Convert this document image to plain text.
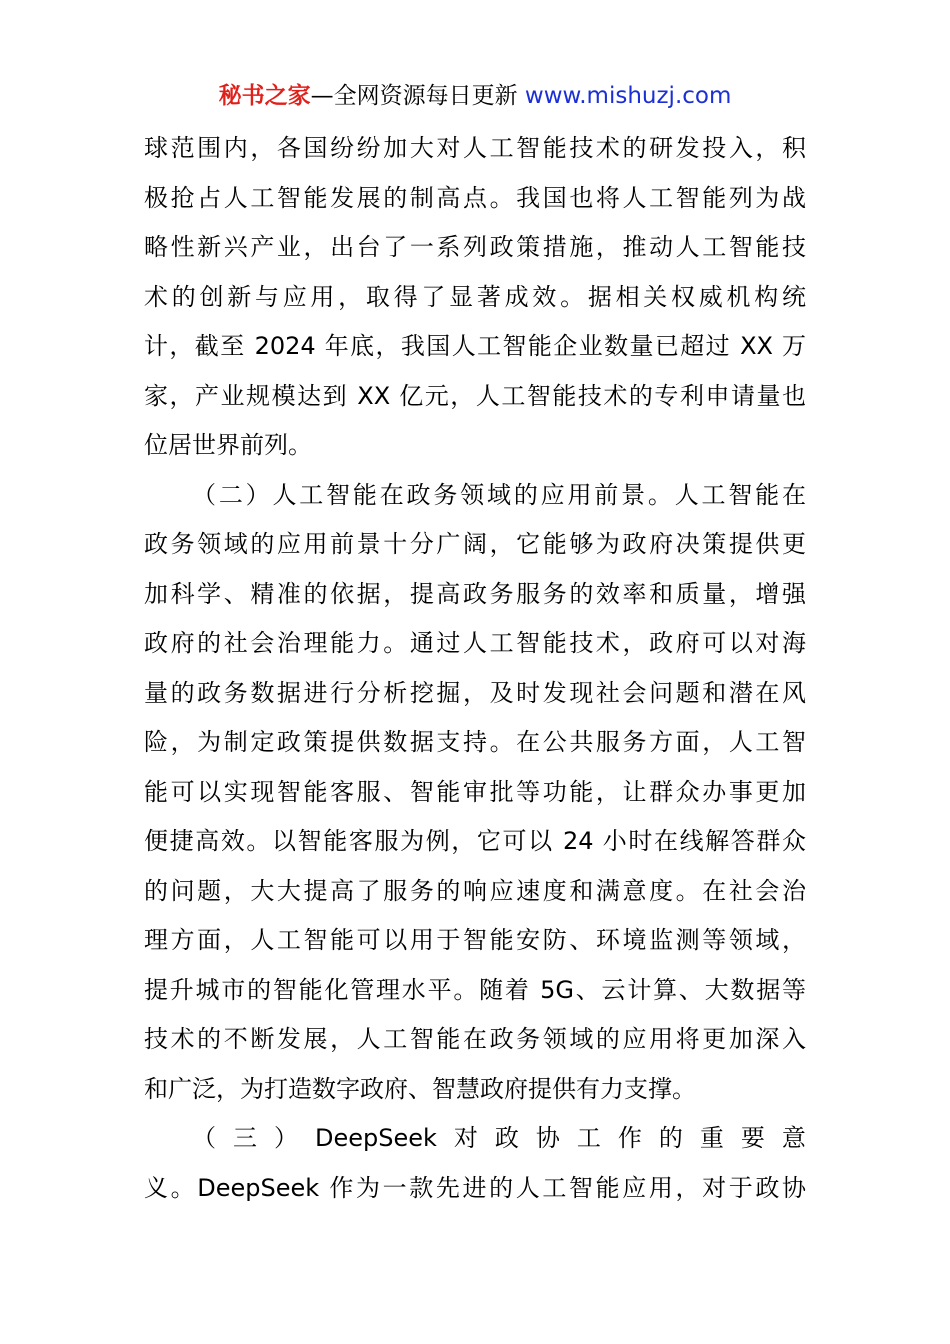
秘书之家—全网资源每日更新 www.mishuzj.com

球范围内，各国纷纷加大对人工智能技术的研发投入，积
极抢占人工智能发展的制高点。我国也将人工智能列为战
略性新兴产业，出台了一系列政策措施，推动人工智能技
术的创新与应用，取得了显著成效。据相关权威机构统
计，截至 2024 年底，我国人工智能企业数量已超过 XX 万
家，产业规模达到 XX 亿元，人工智能技术的专利申请量也
位居世界前列。

（二）人工智能在政务领域的应用前景。人工智能在
政务领域的应用前景十分广阔，它能够为政府决策提供更
加科学、精准的依据，提高政务服务的效率和质量，增强
政府的社会治理能力。通过人工智能技术，政府可以对海
量的政务数据进行分析挖掘，及时发现社会问题和潜在风
险，为制定政策提供数据支持。在公共服务方面，人工智
能可以实现智能客服、智能审批等功能，让群众办事更加
便捷高效。以智能客服为例，它可以 24 小时在线解答群众
的问题，大大提高了服务的响应速度和满意度。在社会治
理方面，人工智能可以用于智能安防、环境监测等领域，
提升城市的智能化管理水平。随着 5G、云计算、大数据等
技术的不断发展，人工智能在政务领域的应用将更加深入
和广泛，为打造数字政府、智慧政府提供有力支撑。

（ 三 ） DeepSeek 对 政 协 工 作 的 重 要 意
义。DeepSeek 作为一款先进的人工智能应用，对于政协
